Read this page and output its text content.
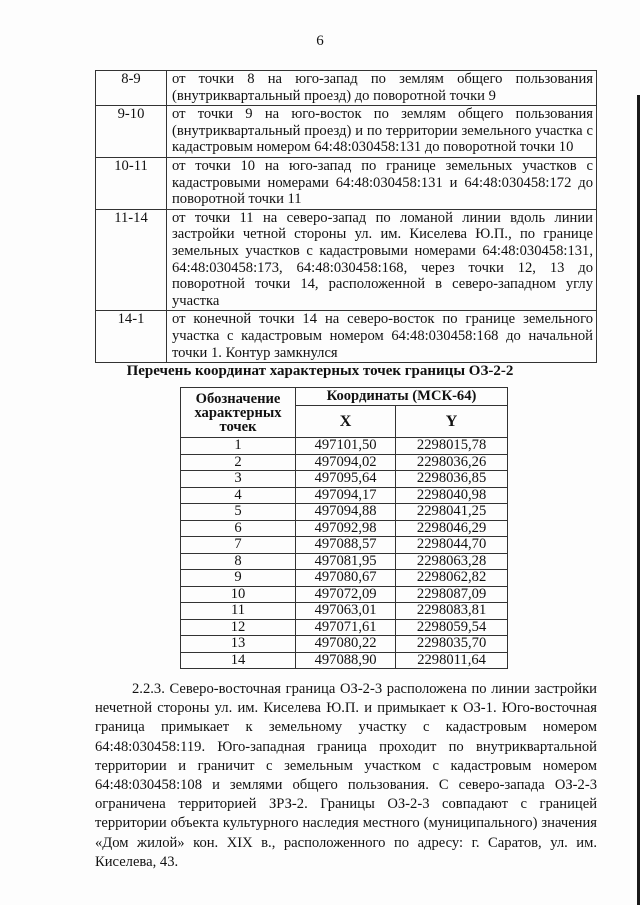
6
8-9	от точки 8 на юго-запад по землям общего пользования (внутриквартальный проезд) до поворотной точки 9
9-10	от точки 9 на юго-восток по землям общего пользования (внутриквартальный проезд) и по территории земельного участка с кадастровым номером 64:48:030458:131 до поворотной точки 10
10-11	от точки 10 на юго-запад по границе земельных участков с кадастровыми номерами 64:48:030458:131 и 64:48:030458:172 до поворотной точки 11
11-14	от точки 11 на северо-запад по ломаной линии вдоль линии застройки четной стороны ул. им. Киселева Ю.П., по границе земельных участков с кадастровыми номерами 64:48:030458:131, 64:48:030458:173, 64:48:030458:168, через точки 12, 13 до поворотной точки 14, расположенной в северо-западном углу участка
14-1	от конечной точки 14 на северо-восток по границе земельного участка с кадастровым номером 64:48:030458:168 до начальной точки 1. Контур замкнулся
Перечень координат характерных точек границы ОЗ-2-2
Обозначение характерных точек	Координаты (МСК-64)	
	X	Y
1	497101,50	2298015,78
2	497094,02	2298036,26
3	497095,64	2298036,85
4	497094,17	2298040,98
5	497094,88	2298041,25
6	497092,98	2298046,29
7	497088,57	2298044,70
8	497081,95	2298063,28
9	497080,67	2298062,82
10	497072,09	2298087,09
11	497063,01	2298083,81
12	497071,61	2298059,54
13	497080,22	2298035,70
14	497088,90	2298011,64
2.2.3. Северо-восточная граница ОЗ-2-3 расположена по линии застройки нечетной стороны ул. им. Киселева Ю.П. и примыкает к ОЗ-1. Юго-восточная граница примыкает к земельному участку с кадастровым номером 64:48:030458:119. Юго-западная граница проходит по внутриквартальной территории и граничит с земельным участком с кадастровым номером 64:48:030458:108 и землями общего пользования. С северо-запада ОЗ-2-3 ограничена территорией ЗРЗ-2. Границы ОЗ-2-3 совпадают с границей территории объекта культурного наследия местного (муниципального) значения «Дом жилой» кон. XIX в., расположенного по адресу: г. Саратов, ул. им. Киселева, 43.
